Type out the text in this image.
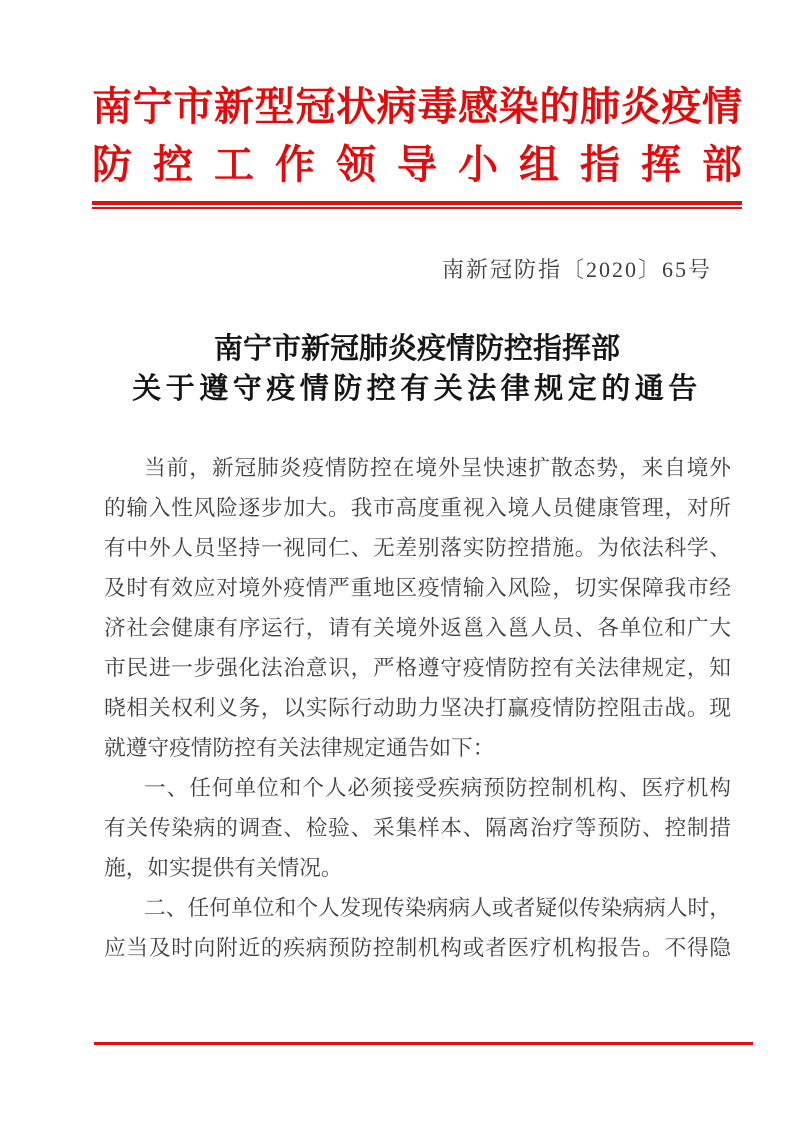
南宁市新型冠状病毒感染的肺炎疫情
防控工作领导小组指挥部
南新冠防指〔2020〕65号
南宁市新冠肺炎疫情防控指挥部
关于遵守疫情防控有关法律规定的通告
当前，新冠肺炎疫情防控在境外呈快速扩散态势，来自境外
的输入性风险逐步加大。我市高度重视入境人员健康管理，对所
有中外人员坚持一视同仁、无差别落实防控措施。为依法科学、
及时有效应对境外疫情严重地区疫情输入风险，切实保障我市经
济社会健康有序运行，请有关境外返邕入邕人员、各单位和广大
市民进一步强化法治意识，严格遵守疫情防控有关法律规定，知
晓相关权利义务，以实际行动助力坚决打赢疫情防控阻击战。现
就遵守疫情防控有关法律规定通告如下：
一、任何单位和个人必须接受疾病预防控制机构、医疗机构
有关传染病的调查、检验、采集样本、隔离治疗等预防、控制措
施，如实提供有关情况。
二、任何单位和个人发现传染病病人或者疑似传染病病人时，
应当及时向附近的疾病预防控制机构或者医疗机构报告。不得隐
